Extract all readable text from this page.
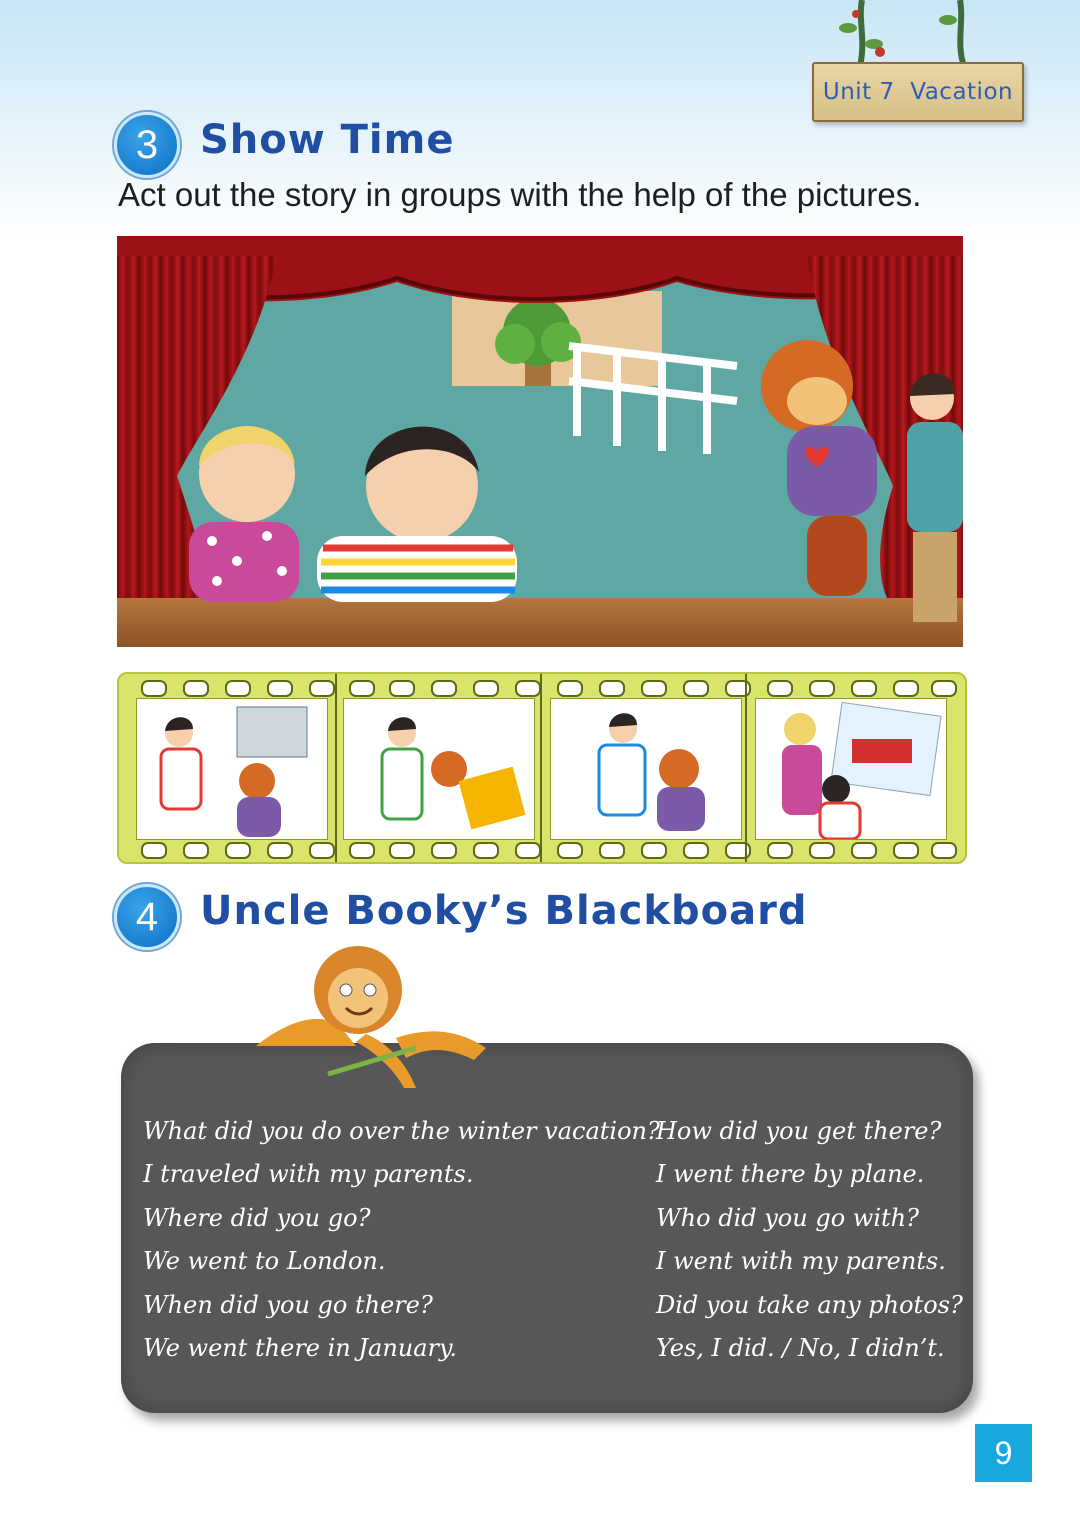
Unit 7  Vacation
3 Show Time
Act out the story in groups with the help of the pictures.
4 Uncle Booky’s Blackboard
What did you do over the winter vacation?
I traveled with my parents.
Where did you go?
We went to London.
When did you go there?
We went there in January.
How did you get there?
I went there by plane.
Who did you go with?
I went with my parents.
Did you take any photos?
Yes, I did. / No, I didn’t.
9
